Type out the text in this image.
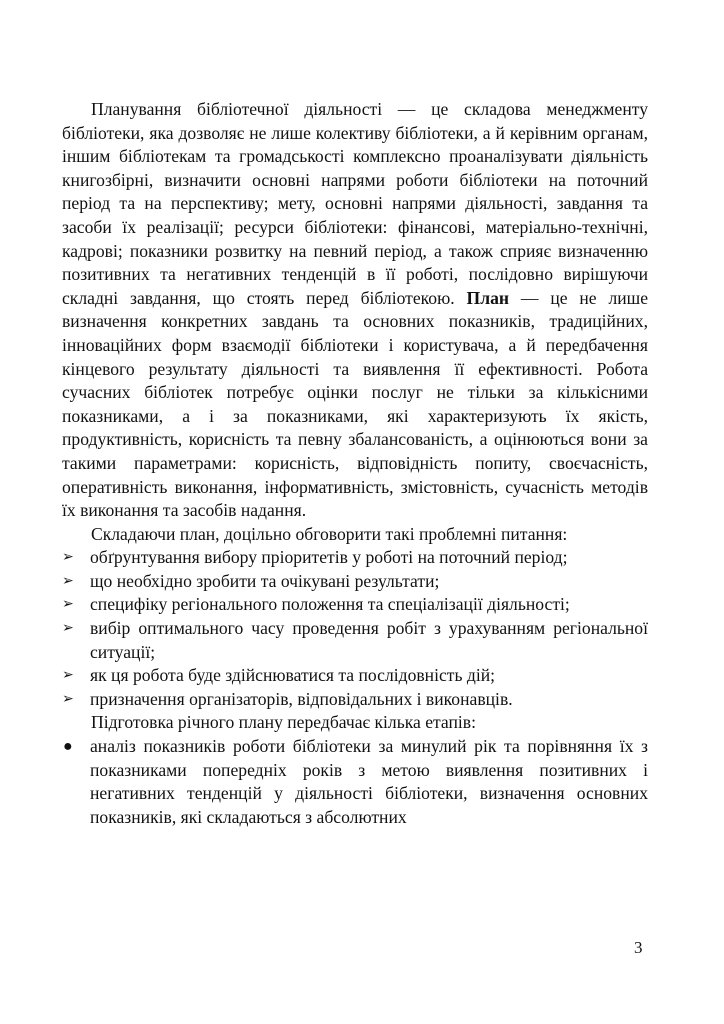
Планування бібліотечної діяльності — це складова менеджменту бібліотеки, яка дозволяє не лише колективу бібліотеки, а й керівним органам, іншим бібліотекам та громадськості комплексно проаналізувати діяльність книгозбірні, визначити основні напрями роботи бібліотеки на поточний період та на перспективу; мету, основні напрями діяльності, завдання та засоби їх реалізації; ресурси бібліотеки: фінансові, матеріально-технічні, кадрові; показники розвитку на певний період, а також сприяє визначенню позитивних та негативних тенденцій в її роботі, послідовно вирішуючи складні завдання, що стоять перед бібліотекою. План — це не лише визначення конкретних завдань та основних показників, традиційних, інноваційних форм взаємодії бібліотеки і користувача, а й передбачення кінцевого результату діяльності та виявлення її ефективності. Робота сучасних бібліотек потребує оцінки послуг не тільки за кількісними показниками, а і за показниками, які характеризують їх якість, продуктивність, корисність та певну збалансованість, а оцінюються вони за такими параметрами: корисність, відповідність попиту, своєчасність, оперативність виконання, інформативність, змістовність, сучасність методів їх виконання та засобів надання.

Складаючи план, доцільно обговорити такі проблемні питання:

➢ обґрунтування вибору пріоритетів у роботі на поточний період;
➢ що необхідно зробити та очікувані результати;
➢ специфіку регіонального положення та спеціалізації діяльності;
➢ вибір оптимального часу проведення робіт з урахуванням регіональної ситуації;
➢ як ця робота буде здійснюватися та послідовність дій;
➢ призначення організаторів, відповідальних і виконавців.

Підготовка річного плану передбачає кілька етапів:

● аналіз показників роботи бібліотеки за минулий рік та порівняння їх з показниками попередніх років з метою виявлення позитивних і негативних тенденцій у діяльності бібліотеки, визначення основних показників, які складаються з абсолютних
3
